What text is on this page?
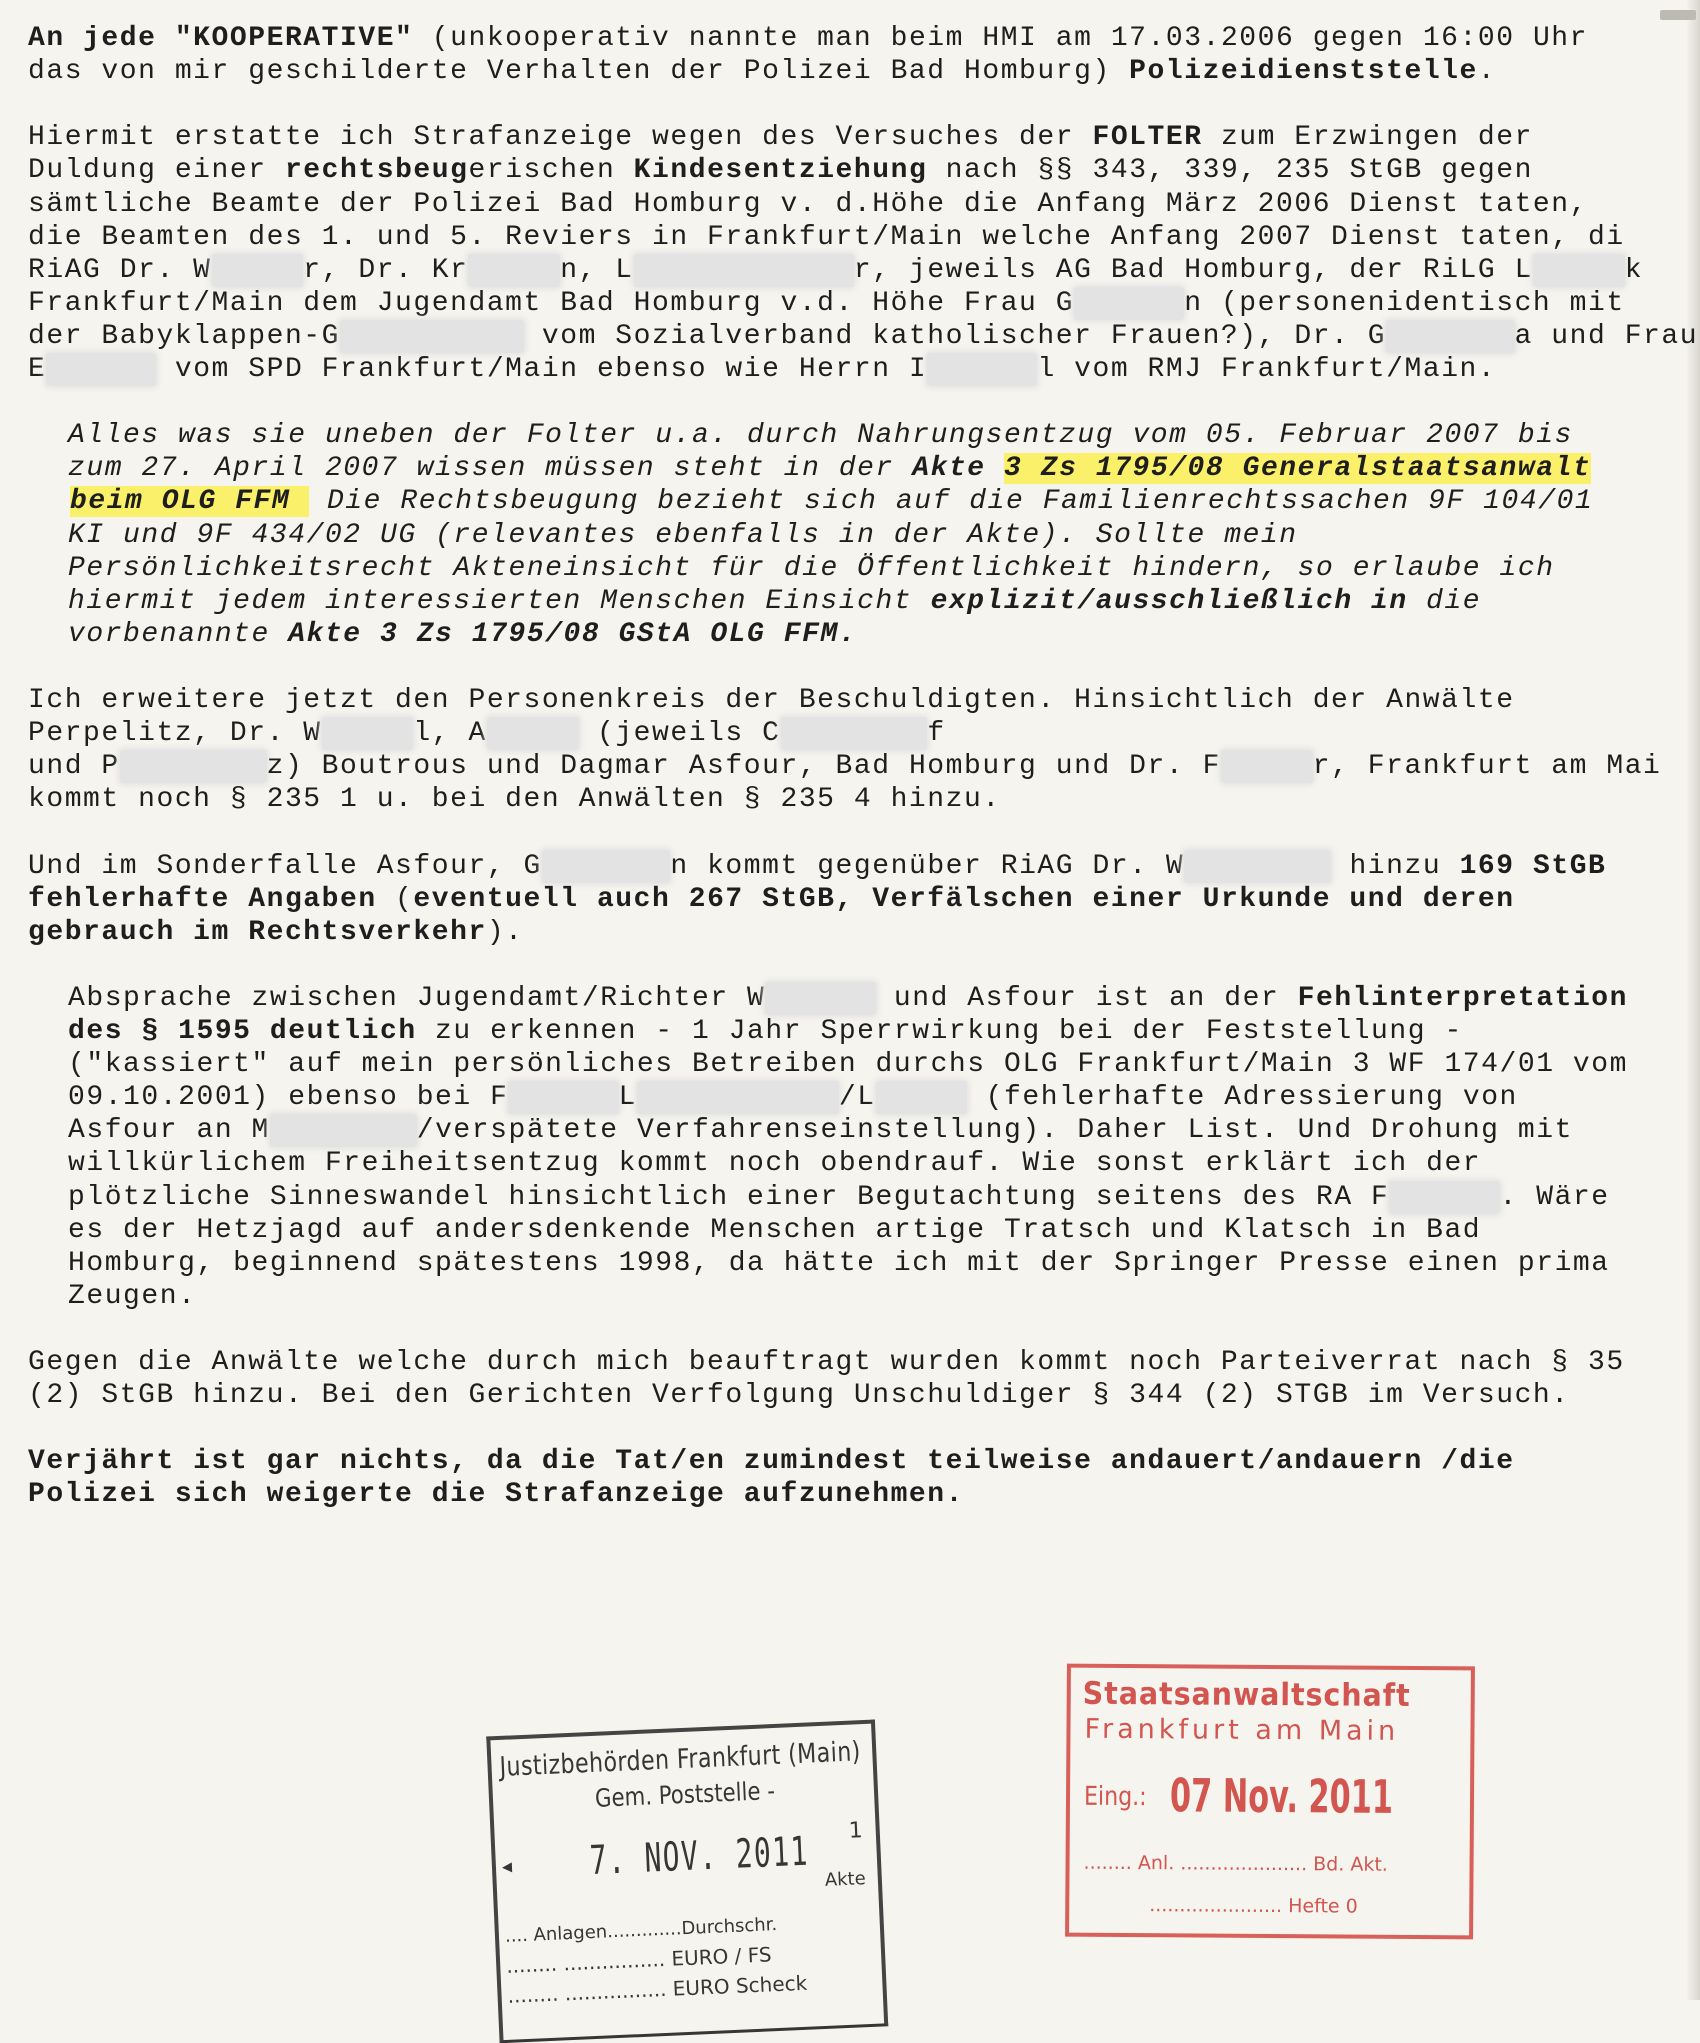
An jede "KOOPERATIVE" (unkooperativ nannte man beim HMI am 17.03.2006 gegen 16:00 Uhr
das von mir geschilderte Verhalten der Polizei Bad Homburg) Polizeidienststelle.
Hiermit erstatte ich Strafanzeige wegen des Versuches der FOLTER zum Erzwingen der
Duldung einer rechtsbeugerischen Kindesentziehung nach §§ 343, 339, 235 StGB gegen
sämtliche Beamte der Polizei Bad Homburg v. d.Höhe die Anfang März 2006 Dienst taten,
die Beamten des 1. und 5. Reviers in Frankfurt/Main welche Anfang 2007 Dienst taten, di
RiAG Dr. W	r, Dr. Kr	n, L	r, jeweils AG Bad Homburg, der RiLG L	k
Frankfurt/Main dem Jugendamt Bad Homburg v.d. Höhe Frau G	n (personenidentisch mit
der Babyklappen-G	vom Sozialverband katholischer Frauen?), Dr. G	a und Frau
E	vom SPD Frankfurt/Main ebenso wie Herrn I	l vom RMJ Frankfurt/Main.
Alles was sie uneben der Folter u.a. durch Nahrungsentzug vom 05. Februar 2007 bis
zum 27. April 2007 wissen müssen steht in der Akte 3 Zs 1795/08 Generalstaatsanwalt
beim OLG FFM  Die Rechtsbeugung bezieht sich auf die Familienrechtssachen 9F 104/01
KI und 9F 434/02 UG (relevantes ebenfalls in der Akte). Sollte mein
Persönlichkeitsrecht Akteneinsicht für die Öffentlichkeit hindern, so erlaube ich
hiermit jedem interessierten Menschen Einsicht explizit/ausschließlich in die
vorbenannte Akte 3 Zs 1795/08 GStA OLG FFM.
Ich erweitere jetzt den Personenkreis der Beschuldigten. Hinsichtlich der Anwälte
Perpelitz, Dr. W	l, A	(jeweils C	f
und P	z) Boutrous und Dagmar Asfour, Bad Homburg und Dr. F	r, Frankfurt am Mai
kommt noch § 235 1 u. bei den Anwälten § 235 4 hinzu.
Und im Sonderfalle Asfour, G	n kommt gegenüber RiAG Dr. W	hinzu 169 StGB
fehlerhafte Angaben (eventuell auch 267 StGB, Verfälschen einer Urkunde und deren
gebrauch im Rechtsverkehr).
Absprache zwischen Jugendamt/Richter W	und Asfour ist an der Fehlinterpretation
des § 1595 deutlich zu erkennen - 1 Jahr Sperrwirkung bei der Feststellung -
("kassiert" auf mein persönliches Betreiben durchs OLG Frankfurt/Main 3 WF 174/01 vom
09.10.2001) ebenso bei F	L	/L	(fehlerhafte Adressierung von
Asfour an M	/verspätete Verfahrenseinstellung). Daher List. Und Drohung mit
willkürlichem Freiheitsentzug kommt noch obendrauf. Wie sonst erklärt ich der
plötzliche Sinneswandel hinsichtlich einer Begutachtung seitens des RA F	. Wäre
es der Hetzjagd auf andersdenkende Menschen artige Tratsch und Klatsch in Bad
Homburg, beginnend spätestens 1998, da hätte ich mit der Springer Presse einen prima
Zeugen.
Gegen die Anwälte welche durch mich beauftragt wurden kommt noch Parteiverrat nach § 35
(2) StGB hinzu. Bei den Gerichten Verfolgung Unschuldiger § 344 (2) STGB im Versuch.
Verjährt ist gar nichts, da die Tat/en zumindest teilweise andauert/andauern /die
Polizei sich weigerte die Strafanzeige aufzunehmen.
Justizbehörden Frankfurt (Main)
Gem. Poststelle -
◂ 7. NOV. 2011 1
Akte
.... Anlagen.............Durchschr.
........ ................ EURO / FS
........ ................ EURO Scheck
Staatsanwaltschaft
Frankfurt am Main
Eing.: 07 Nov. 2011
........ Anl. ..................... Bd. Akt.
...................... Hefte 0
